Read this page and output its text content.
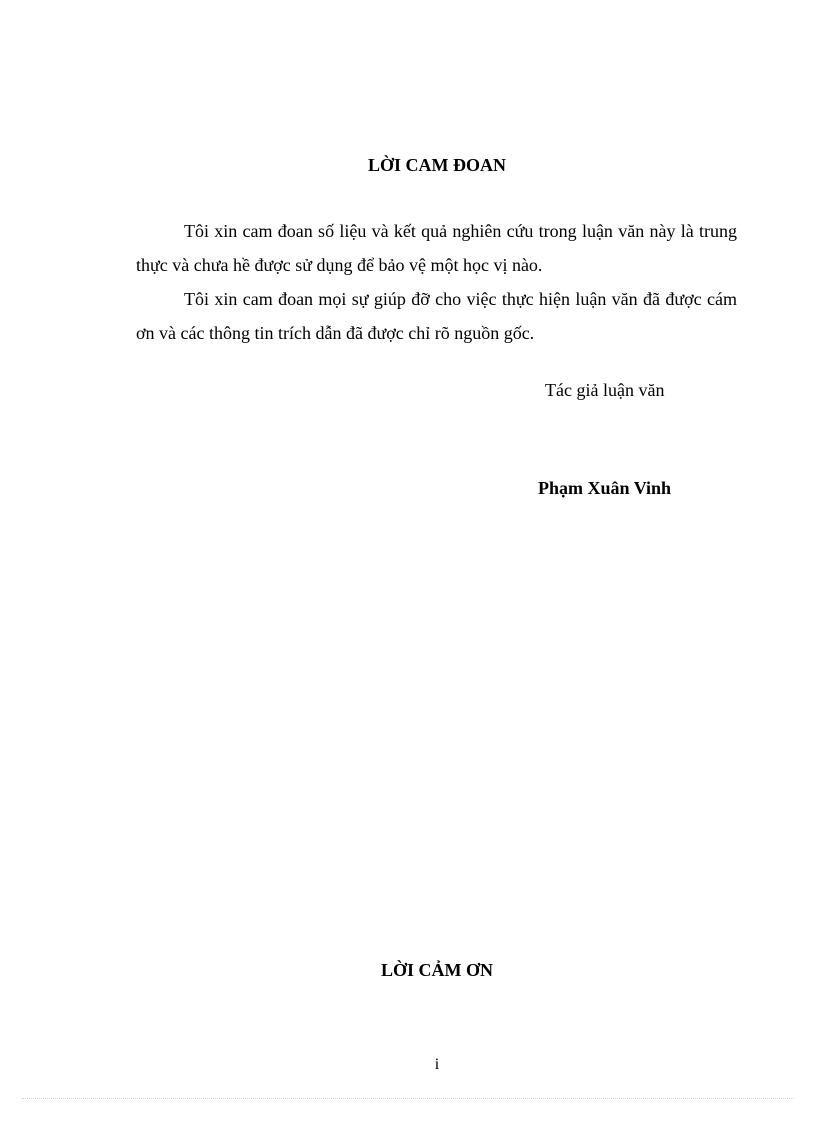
LỜI CAM ĐOAN

Tôi xin cam đoan số liệu và kết quả nghiên cứu trong luận văn này là trung thực và chưa hề được sử dụng để bảo vệ một học vị nào.

Tôi xin cam đoan mọi sự giúp đỡ cho việc thực hiện luận văn đã được cám ơn và các thông tin trích dẫn đã được chỉ rõ nguồn gốc.

Tác giả luận văn

Phạm Xuân Vinh

LỜI CẢM ƠN

i
